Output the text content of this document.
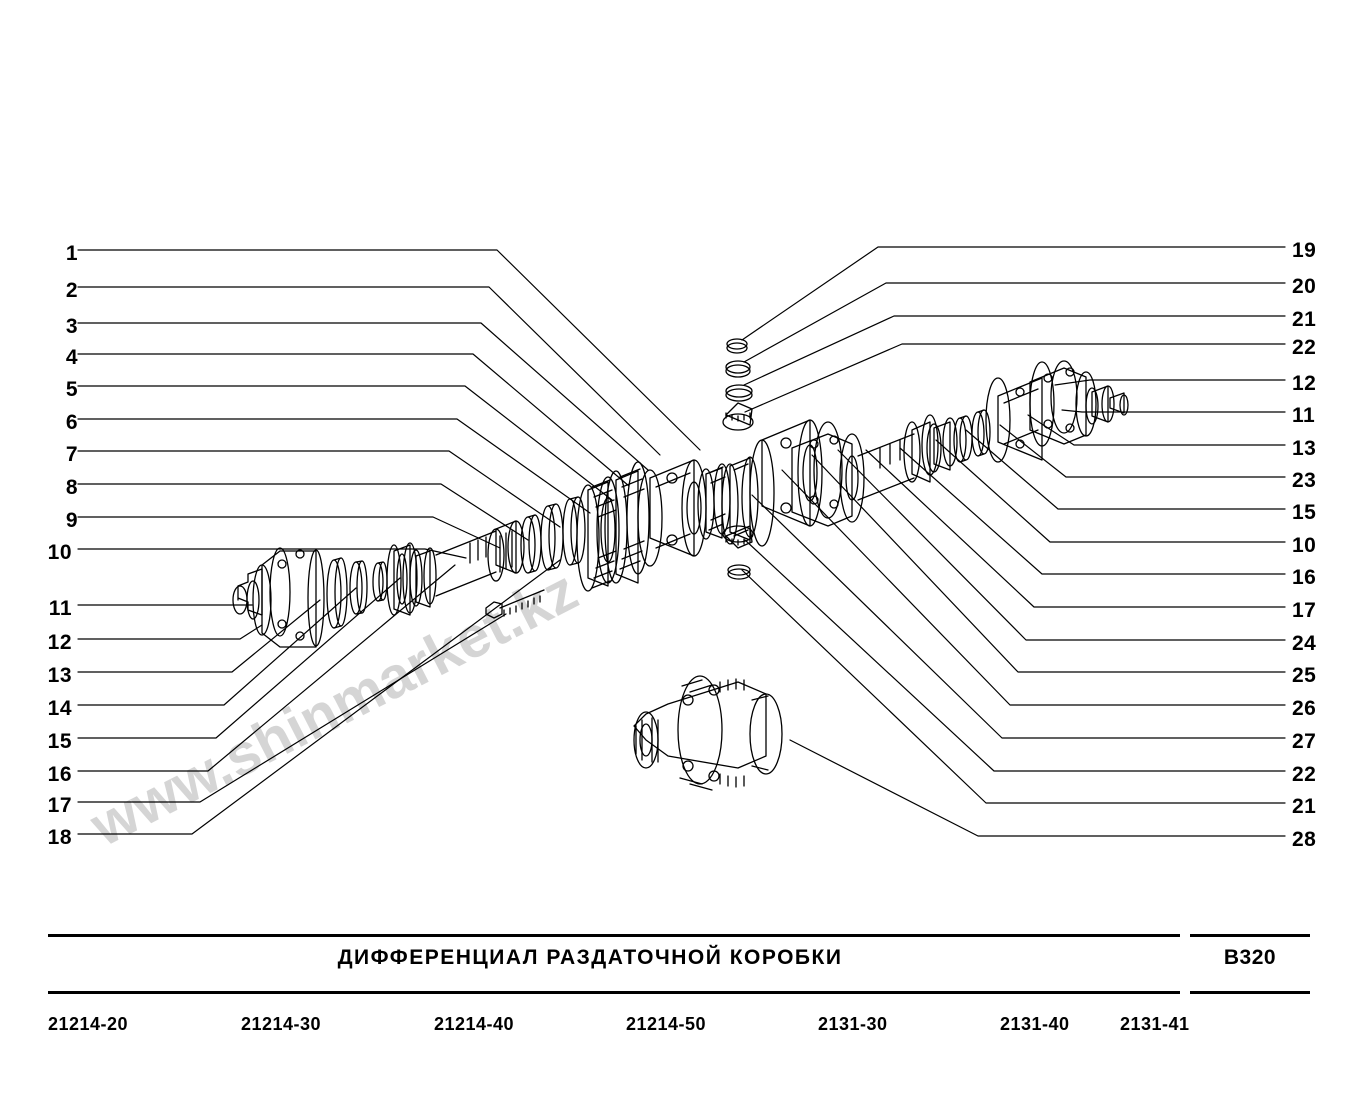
www.shinmarket.kz
1
2
3
4
5
6
7
8
9
10
11
12
13
14
15
16
17
18
19
20
21
22
12
11
13
23
15
10
16
17
24
25
26
27
22
21
28
ДИФФЕРЕНЦИАЛ РАЗДАТОЧНОЙ КОРОБКИ	B320
21214-20	21214-30	21214-40	21214-50	2131-30	2131-40	2131-41
